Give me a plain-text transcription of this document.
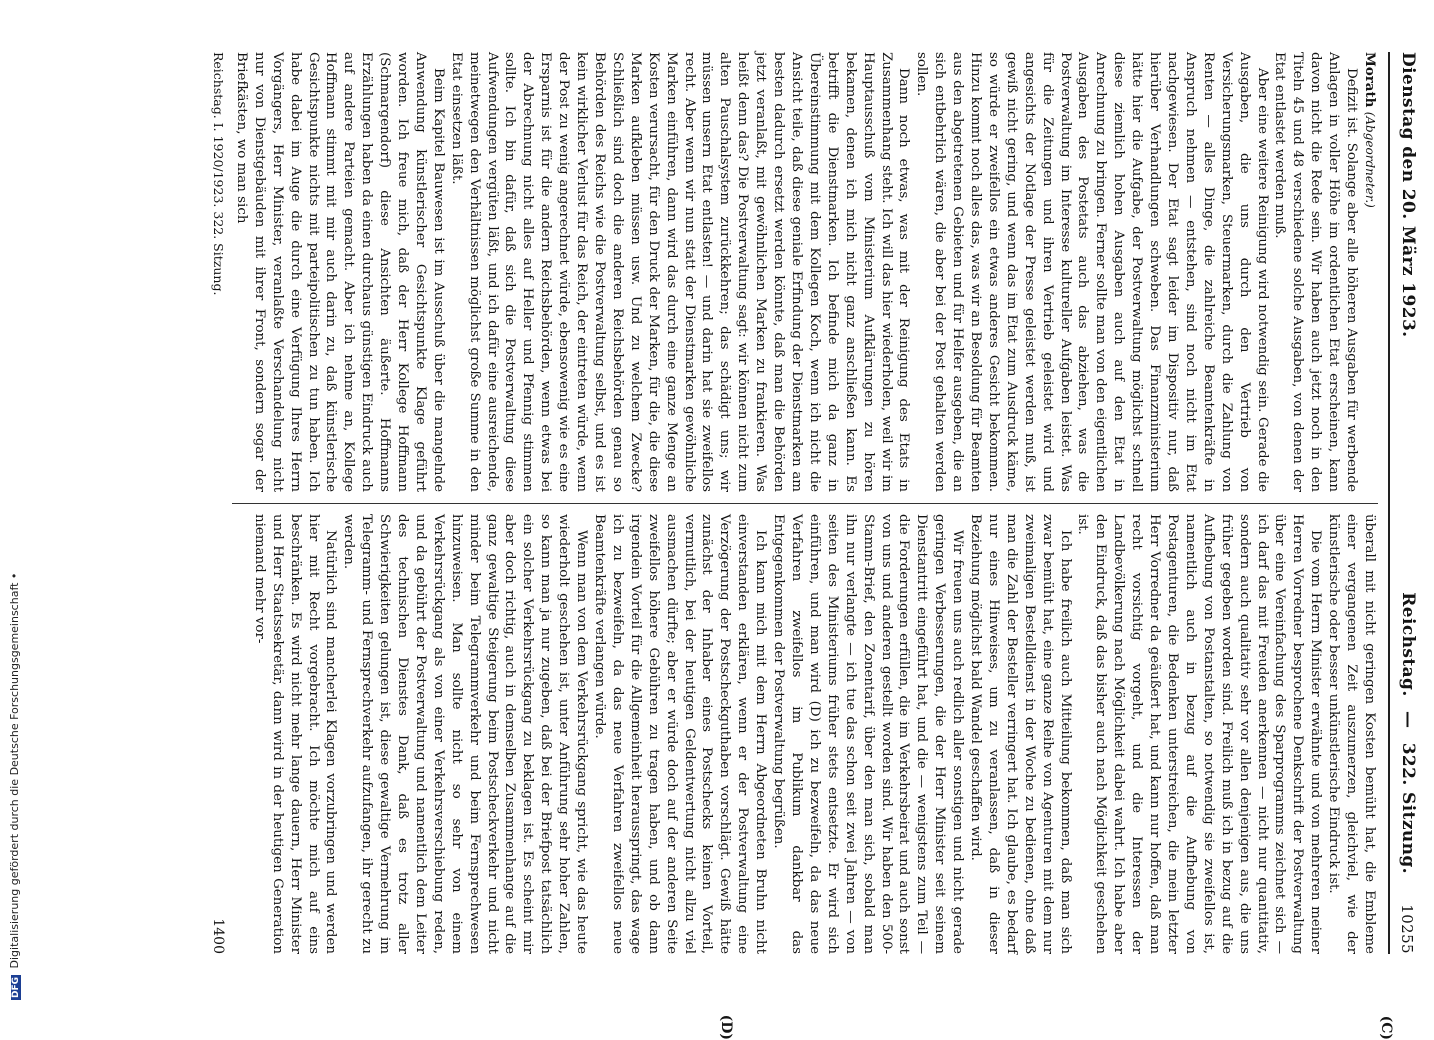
Dienstag den 20. März 1923.
Reichstag. — 322. Sitzung.
10255

Morath (Abgeordneter.)

Defizit ist. Solange aber alle höheren Ausgaben für werbende Anlagen in voller Höhe im ordentlichen Etat erscheinen, kann davon nicht die Rede sein. Wir haben auch jetzt noch in den Titeln 45 und 48 verschiedene solche Ausgaben, von denen der Etat entlastet werden muß.

Aber eine weitere Reinigung wird notwendig sein. Gerade die Ausgaben, die uns durch den Vertrieb von Versicherungsmarken, Steuermarken, durch die Zahlung von Renten — alles Dinge, die zahlreiche Beamtenkräfte in Anspruch nehmen — entstehen, sind noch nicht im Etat nachgewiesen. Der Etat sagt leider im Dispositiv nur, daß hierüber Verhandlungen schweben. Das Finanzministerium hätte hier die Aufgabe, der Postverwaltung möglichst schnell diese ziemlich hohen Ausgaben auch auf den Etat in Anrechnung zu bringen. Ferner sollte man von den eigentlichen Ausgaben des Postetats auch das abziehen, was die Postverwaltung im Interesse kultureller Aufgaben leistet. Was für die Zeitungen und ihren Vertrieb geleistet wird und angesichts der Notlage der Presse geleistet werden muß, ist gewiß nicht gering, und wenn das im Etat zum Ausdruck käme, so würde er zweifellos ein etwas anderes Gesicht bekommen. Hinzu kommt noch alles das, was wir an Besoldung für Beamten aus den abgetretenen Gebieten und für Helfer ausgeben, die an sich entbehrlich wären, die aber bei der Post gehalten werden sollen.

Dann noch etwas, was mit der Reinigung des Etats in Zusammenhang steht. Ich will das hier wiederholen, weil wir im Hauptausschuß vom Ministerium Aufklärungen zu hören bekamen, denen ich mich nicht ganz anschließen kann. Es betrifft die Dienstmarken. Ich befinde mich da ganz in Übereinstimmung mit dem Kollegen Koch, wenn ich nicht die Ansicht teile, daß diese geniale Erfindung der Dienstmarken am besten dadurch ersetzt werden könnte, daß man die Behörden jetzt veranlaßt, mit gewöhnlichen Marken zu frankieren. Was heißt denn das? Die Postverwaltung sagt: wir können nicht zum alten Pauschalsystem zurückkehren; das schädigt uns; wir müssen unsern Etat entlasten! — und darin hat sie zweifellos recht. Aber wenn wir nun statt der Dienstmarken gewöhnliche Marken einführen, dann wird das durch eine ganze Menge an Kosten verursacht, für den Druck der Marken, für die, die diese Marken aufkleben müssen usw. Und zu welchem Zwecke? Schließlich sind doch die anderen Reichsbehörden genau so Behörden des Reichs wie die Postverwaltung selbst, und es ist kein wirklicher Verlust für das Reich, der eintreten würde, wenn der Post zu wenig angerechnet würde, ebensowenig wie es eine Ersparnis ist für die andern Reichsbehörden, wenn etwas bei der Abrechnung nicht alles auf Heller und Pfennig stimmen sollte. Ich bin dafür, daß sich die Postverwaltung diese Aufwendungen vergüten läßt, und ich dafür eine ausreichende, meinetwegen den Verhältnissen möglichst große Summe in den Etat einsetzen läßt.

Beim Kapitel Bauwesen ist im Ausschuß über die mangelnde Anwendung künstlerischer Gesichtspunkte Klage geführt worden. Ich freue mich, daß der Herr Kollege Hoffmann (Schmargendorf) diese Ansichten äußerte. Hoffmanns Erzählungen haben da einen durchaus günstigen Eindruck auch auf andere Parteien gemacht. Aber ich nehme an, Kollege Hoffmann stimmt mit mir auch darin zu, daß künstlerische Gesichtspunkte nichts mit parteipolitischen zu tun haben. Ich habe dabei im Auge die durch eine Verfügung Ihres Herrn Vorgängers, Herr Minister, veranlaßte Verschandelung nicht nur von Dienstgebäuden mit ihrer Front, sondern sogar der Briefkästen, wo man sich

überall mit nicht geringen Kosten bemüht hat, die Embleme einer vergangenen Zeit auszumerzen, gleichviel, wie der künstlerische oder besser unkünstlerische Eindruck ist.

Die vom Herrn Minister erwähnte und von mehreren meiner Herren Vorredner besprochene Denkschrift der Postverwaltung über eine Vereinfachung des Sparprogramms zeichnet sich — ich darf das mit Freuden anerkennen — nicht nur quantitativ, sondern auch qualitativ sehr vor allen denjenigen aus, die uns früher gegeben worden sind. Freilich muß ich in bezug auf die Aufhebung von Postanstalten, so notwendig sie zweifellos ist, namentlich auch in bezug auf die Aufhebung von Postagenturen, die Bedenken unterstreichen, die mein letzter Herr Vorredner da geäußert hat, und kann nur hoffen, daß man recht vorsichtig vorgeht, und die Interessen der Landbevölkerung nach Möglichkeit dabei wahrt. Ich habe aber den Eindruck, daß das bisher auch nach Möglichkeit geschehen ist.

Ich habe freilich auch Mitteilung bekommen, daß man sich zwar bemüht hat, eine ganze Reihe von Agenturen mit dem nur zweimaligen Bestelldienst in der Woche zu bedienen, ohne daß man die Zahl der Besteller verringert hat. Ich glaube, es bedarf nur eines Hinweises, um zu veranlassen, daß in dieser Beziehung möglichst bald Wandel geschaffen wird.

Wir freuen uns auch redlich aller sonstigen und nicht gerade geringen Verbesserungen, die der Herr Minister seit seinem Dienstantritt eingeführt hat, und die — wenigstens zum Teil — die Forderungen erfüllen, die im Verkehrsbeirat und auch sonst von uns und anderen gestellt worden sind. Wir haben den 500-Stamm-Brief, den Zonentarif, über den man sich, sobald man ihn nur verlangte — ich tue das schon seit zwei Jahren — von seiten des Ministeriums früher stets entsetzte. Er wird sich einführen, und man wird (D) ich zu bezweifeln, da das neue Verfahren zweifellos im Publikum dankbar das Entgegenkommen der Postverwaltung begrüßen.

Ich kann mich mit dem Herrn Abgeordneten Bruhn nicht einverstanden erklären, wenn er der Postverwaltung eine Verzögerung der Postscheckguthaben vorschlägt. Gewiß hätte zunächst der Inhaber eines Postschecks keinen Vorteil, vermutlich, bei der heutigen Geldentwertung nicht allzu viel ausmachen dürfte; aber er würde doch auf der anderen Seite zweifellos höhere Gebühren zu tragen haben, und ob dann irgendein Vorteil für die Allgemeinheit herausspringt, das wage ich zu bezweifeln, da das neue Verfahren zweifellos neue Beamtenkräfte verlangen würde.

Wenn man von dem Verkehrsrückgang spricht, wie das heute wiederholt geschehen ist, unter Anführung sehr hoher Zahlen, so kann man ja nur zugeben, daß bei der Briefpost tatsächlich ein solcher Verkehrsrückgang zu beklagen ist. Es scheint mir aber doch richtig, auch in demselben Zusammenhange auf die ganz gewaltige Steigerung beim Postscheckverkehr und nicht minder beim Telegrammverkehr und beim Fernsprechwesen hinzuweisen. Man sollte nicht so sehr von einem Verkehrsrückgang als von einer Verkehrsverschiebung reden, und da gebührt der Postverwaltung und namentlich dem Leiter des technischen Dienstes Dank, daß es trotz aller Schwierigkeiten gelungen ist, diese gewaltige Vermehrung im Telegramm- und Fernsprechverkehr aufzufangen, ihr gerecht zu werden.

Natürlich sind mancherlei Klagen vorzubringen und werden hier mit Recht vorgebracht. Ich möchte mich auf eins beschränken. Es wird nicht mehr lange dauern, Herr Minister und Herr Staatssekretär, dann wird in der heutigen Generation niemand mehr vor-

Reichstag. I. 1920/1923. 322. Sitzung.
1400
(C)
(D)
DFG Digitalisierung gefördert durch die Deutsche Forschungsgemeinschaft •
